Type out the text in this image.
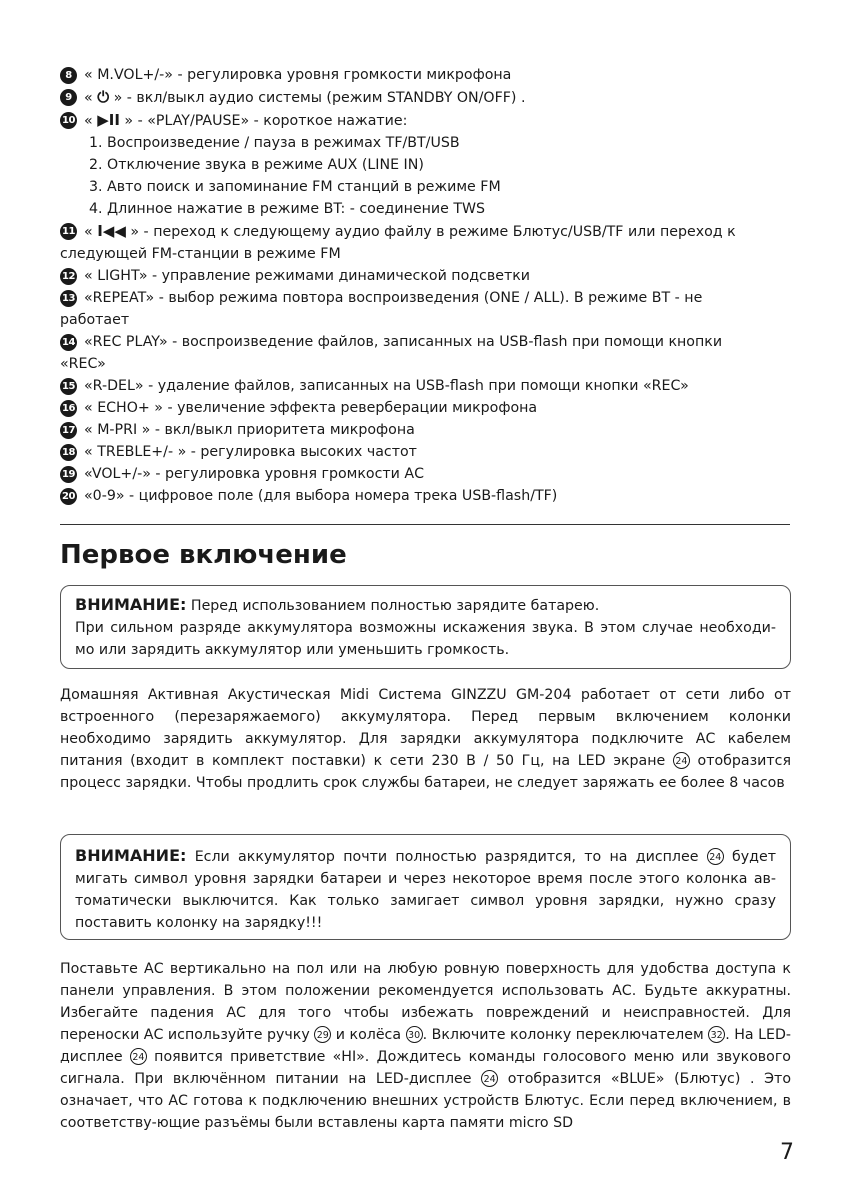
8 « M.VOL+/-» - регулировка уровня громкости микрофона
9 « ⏻ » - вкл/выкл аудио системы (режим STANDBY ON/OFF) .
10 « ▶II » - «PLAY/PAUSE» - короткое нажатие:
1. Воспроизведение / пауза в режимах TF/BT/USB
2. Отключение звука в режиме AUX (LINE IN)
3. Авто поиск и запоминание FM станций в режиме FM
4. Длинное нажатие в режиме BT: - соединение TWS
11 « I◀◀ » - переход к следующему аудио файлу в режиме Блютус/USB/TF или переход к
следующей FM-станции в режиме FM
12 « LIGHT» - управление режимами динамической подсветки
13 «REPEAT» - выбор режима повтора воспроизведения (ONE / ALL). В режиме BT - не
работает
14 «REC PLAY» - воспроизведение файлов, записанных на USB-flash при помощи кнопки
«REC»
15 «R-DEL» - удаление файлов, записанных на USB-flash при помощи кнопки «REC»
16 « ECHO+ » - увеличение эффекта реверберации микрофона
17 « M-PRI » - вкл/выкл приоритета микрофона
18 « TREBLE+/- » - регулировка высоких частот
19 «VOL+/-» - регулировка уровня громкости АС
20 «0-9» - цифровое поле (для выбора номера трека USB-flash/TF)
Первое включение
ВНИМАНИЕ: Перед использованием полностью зарядите батарею.
При сильном разряде аккумулятора возможны искажения звука. В этом случае необходи-мо или зарядить аккумулятор или уменьшить громкость.

Домашняя Активная Акустическая Midi Система GINZZU GM-204 работает от сети либо от встроенного (перезаряжаемого) аккумулятора. Перед первым включением колонки необходимо зарядить аккумулятор. Для зарядки аккумулятора подключите АС кабелем питания (входит в комплект поставки) к сети 230 В / 50 Гц, на LED экране 24 отобразится процесс зарядки. Чтобы продлить срок службы батареи, не следует заряжать ее более 8 часов

ВНИМАНИЕ: Если аккумулятор почти полностью разрядится, то на дисплее 24 будет мигать символ уровня зарядки батареи и через некоторое время после этого колонка ав-томатически выключится. Как только замигает символ уровня зарядки, нужно сразу поставить колонку на зарядку!!!

Поставьте АС вертикально на пол или на любую ровную поверхность для удобства доступа к панели управления. В этом положении рекомендуется использовать АС. Будьте аккуратны. Избегайте падения АС для того чтобы избежать повреждений и неисправностей. Для переноски АС используйте ручку 29 и колёса 30 . Включите колонку переключателем 32 . На LED-дисплее 24 появится приветствие «HI». Дождитесь команды голосового меню или звукового сигнала. При включённом питании на LED-дисплее 24 отобразится «BLUE» (Блютус) . Это означает, что АС готова к подключению внешних устройств Блютус. Если перед включением, в соответству-ющие разъёмы были вставлены карта памяти micro SD

7
